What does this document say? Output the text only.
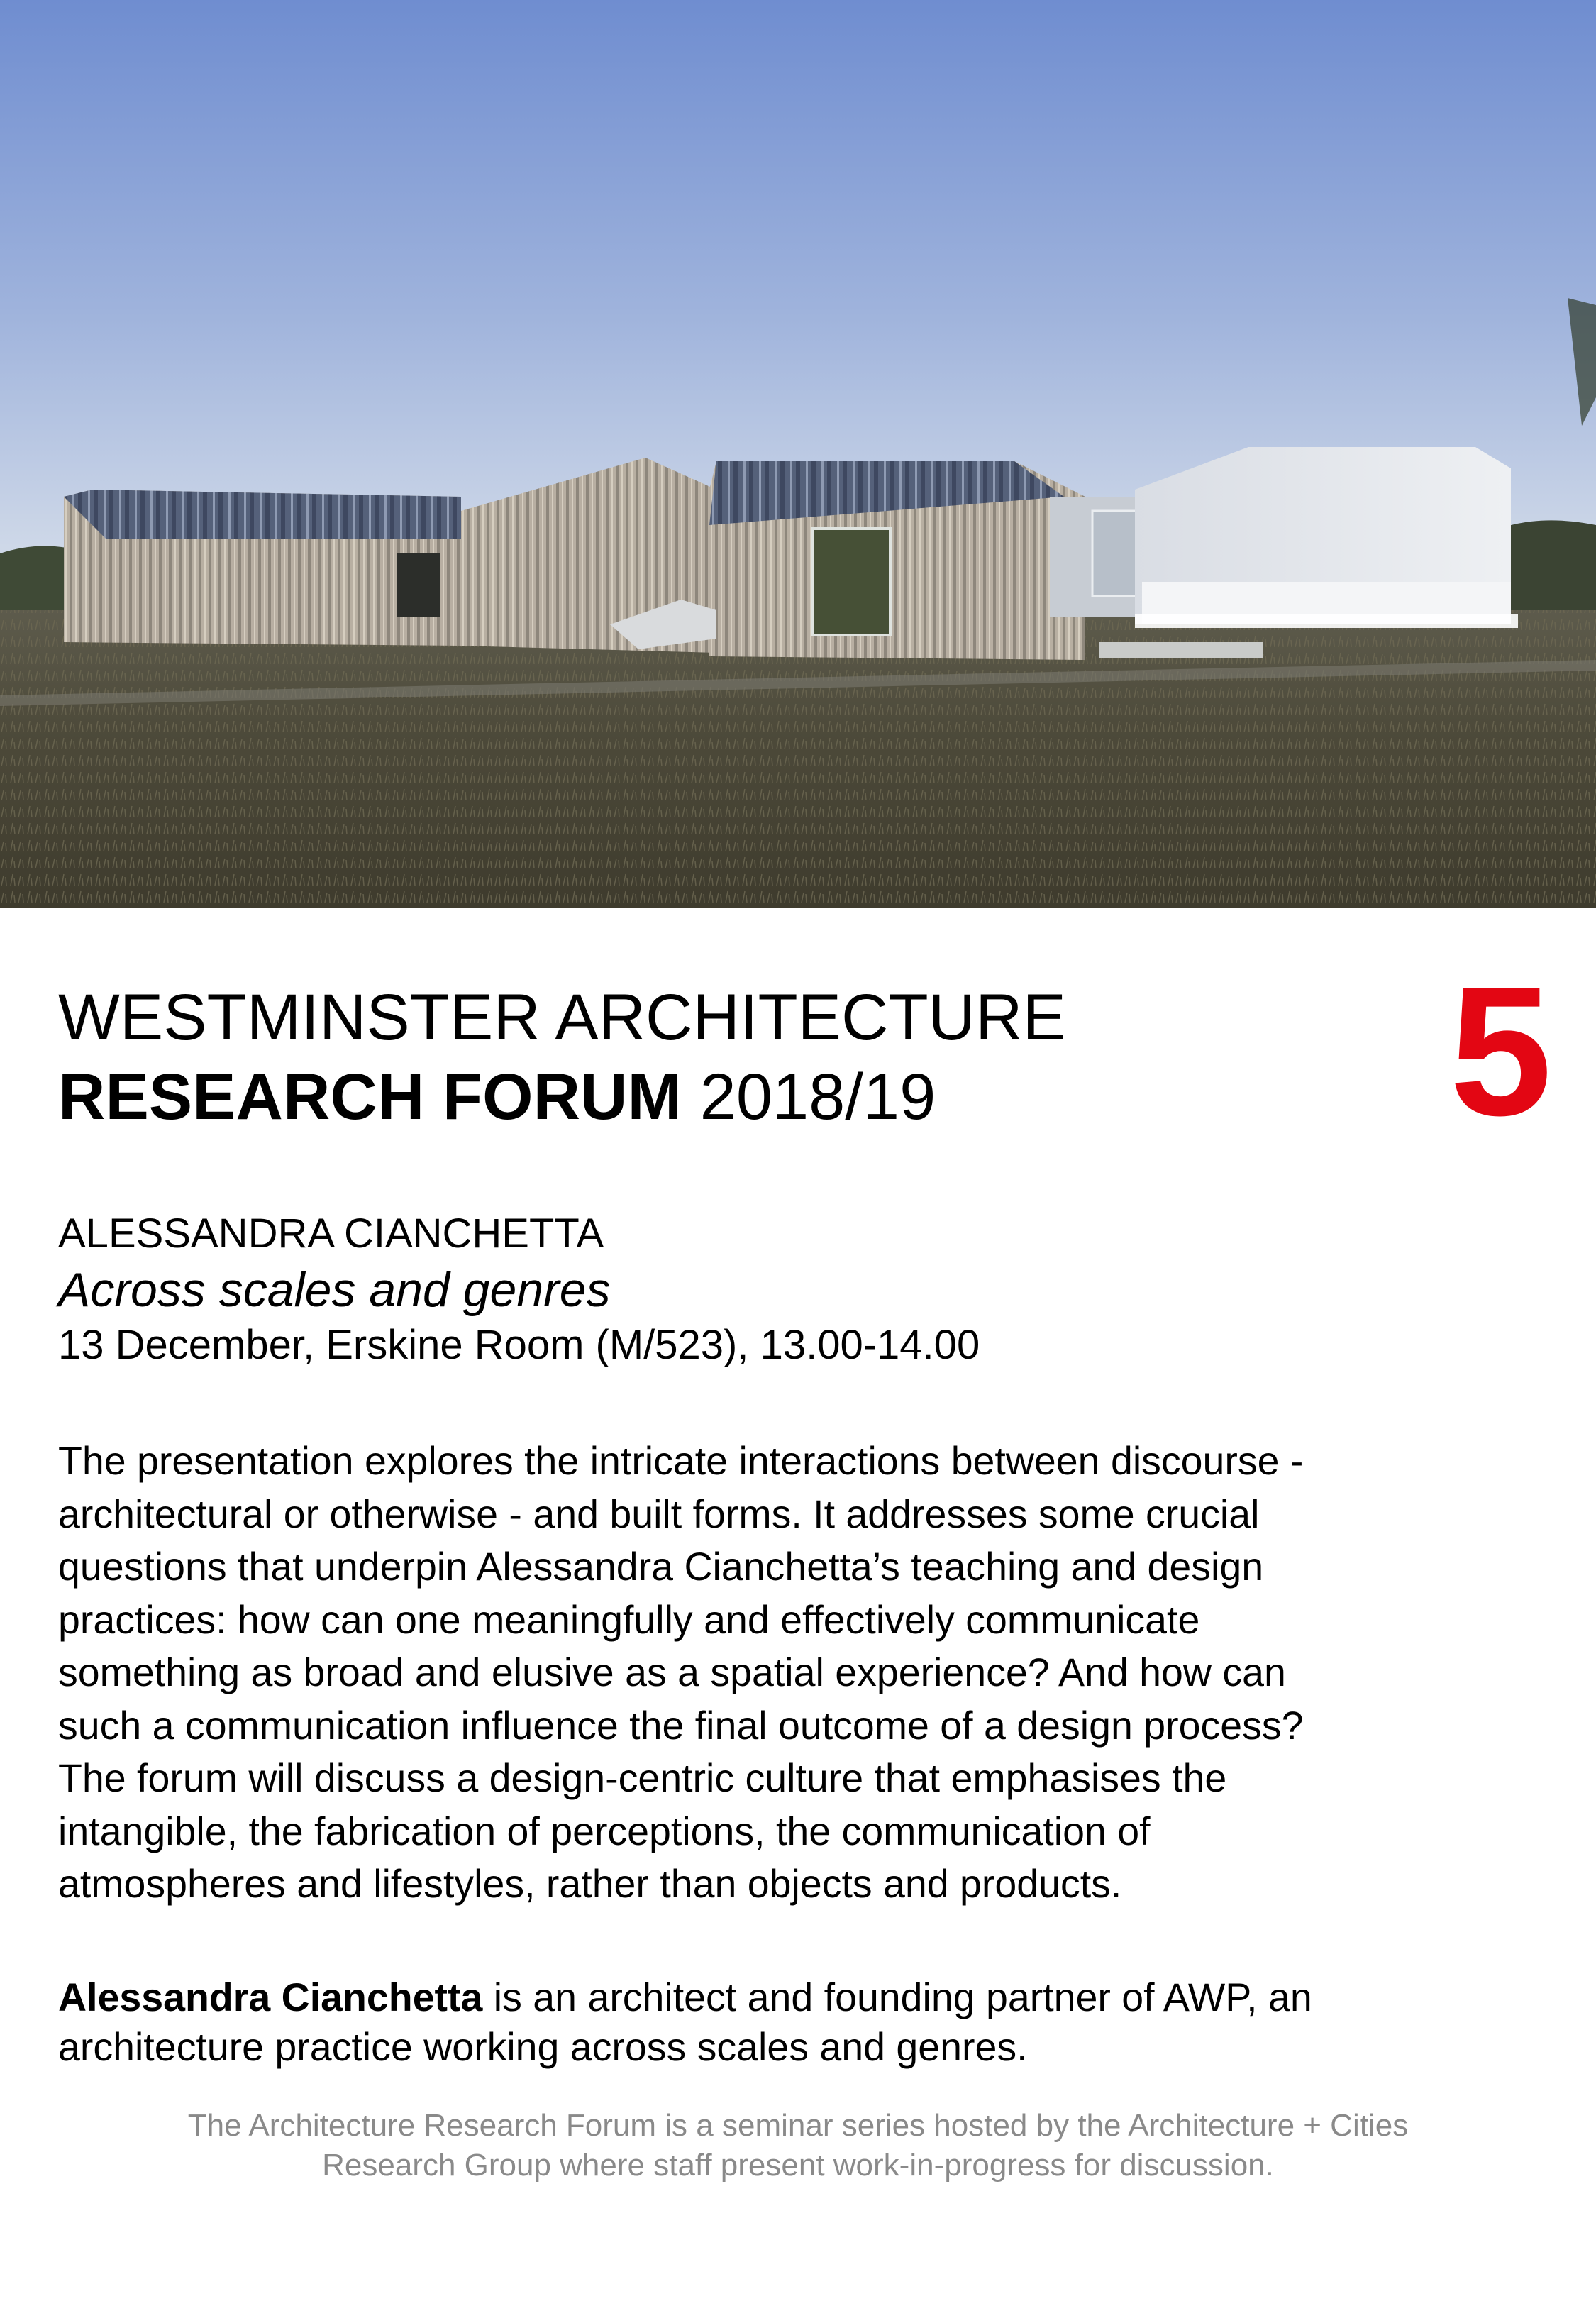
WESTMINSTER ARCHITECTURE
RESEARCH FORUM 2018/19	5
ALESSANDRA CIANCHETTA
Across scales and genres
13 December, Erskine Room (M/523), 13.00-14.00
The presentation explores the intricate interactions between discourse -
architectural or otherwise - and built forms. It addresses some crucial
questions that underpin Alessandra Cianchetta’s teaching and design
practices: how can one meaningfully and effectively communicate
something as broad and elusive as a spatial experience? And how can
such a communication influence the final outcome of a design process?
The forum will discuss a design-centric culture that emphasises the
intangible, the fabrication of perceptions, the communication of
atmospheres and lifestyles, rather than objects and products.
Alessandra Cianchetta is an architect and founding partner of AWP, an
architecture practice working across scales and genres.
The Architecture Research Forum is a seminar series hosted by the Architecture + Cities
Research Group where staff present work-in-progress for discussion.
